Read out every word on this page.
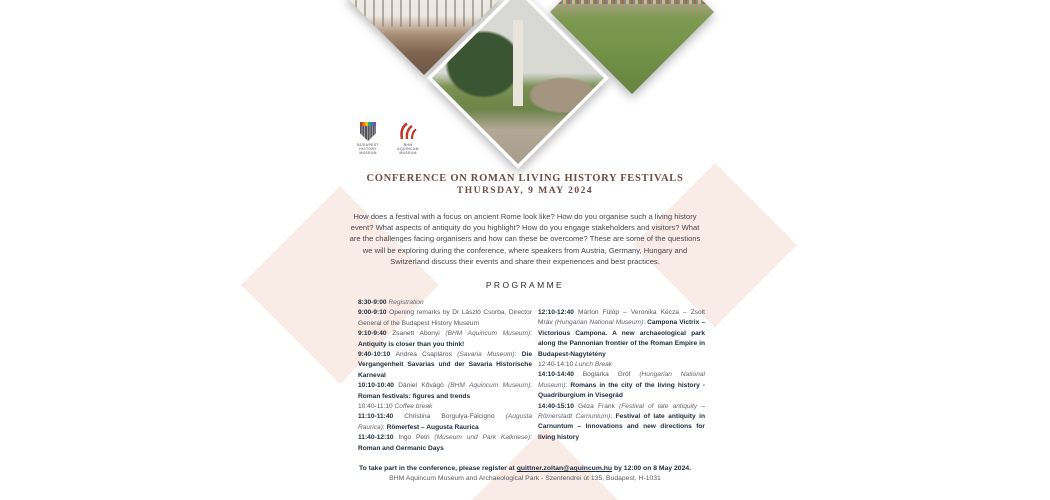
BUDAPEST
HISTORY
MUSEUM
BHM
AQUINCUM
MUSEUM
CONFERENCE ON ROMAN LIVING HISTORY FESTIVALS
THURSDAY, 9 MAY 2024

How does a festival with a focus on ancient Rome look like? How do you organise such a living history event? What aspects of antiquity do you highlight? How do you engage stakeholders and visitors? What are the challenges facing organisers and how can these be overcome? These are some of the questions we will be exploring during the conference, where speakers from Austria, Germany, Hungary and Switzerland discuss their events and share their experiences and best practices.

PROGRAMME

8:30-9:00 Registration

9:00-9:10 Opening remarks by Dr László Csorba, Director General of the Budapest History Museum

9:10-9:40 Zsanett Abonyi (BHM Aquincum Museum): Antiquity is closer than you think!

9:40-10:10 Andrea Csapláros (Savaria Museum): Die Vergangenheit Savarias und der Savaria Historische Karneval

10:10-10:40 Dániel Kővágó (BHM Aquincum Museum): Roman festivals: figures and trends

10:40-11:10 Coffee break

11:10-11:40 Christina Borgulya-Falcigno (Augusta Raurica): Römerfest – Augusta Raurica

11:40-12:10 Ingo Petri (Museum und Park Kalkriese): Roman and Germanic Days

12:10-12:40 Márton Fülöp – Veronika Kécza – Zsolt Mráv (Hungarian National Museum): Campona Victrix – Victorious Campona. A new archaeological park along the Pannonian frontier of the Roman Empire in Budapest-Nagytétény

12:40-14:10 Lunch Break

14:10-14:40 Boglárka Gróf (Hungarian National Museum): Romans in the city of the living history - Quadriburgium in Visegrád

14:40-15:10 Géza Frank (Festival of late antiquity – Römerstadt Carnuntum): Festival of late antiquity in Carnuntum – Innovations and new directions for living history

To take part in the conference, please register at quittner.zoltan@aquincum.hu by 12:00 on 8 May 2024.
BHM Aquincum Museum and Archaeological Park - Szentendrei út 135, Budapest, H-1031
